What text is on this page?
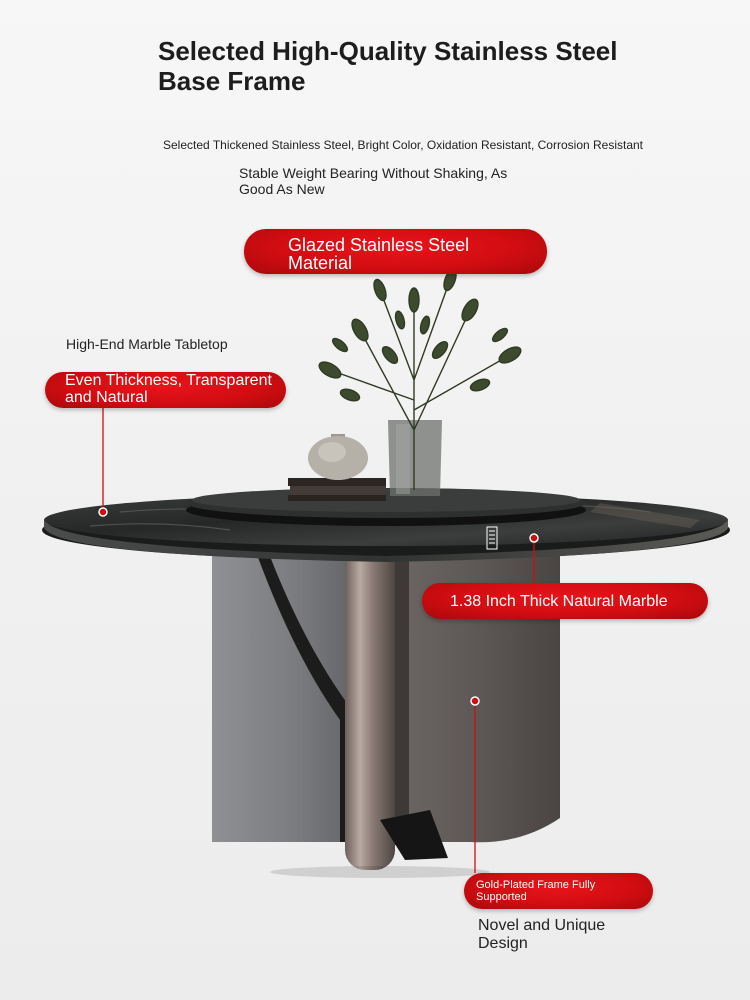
Selected High-Quality Stainless Steel Base Frame
Selected Thickened Stainless Steel, Bright Color, Oxidation Resistant, Corrosion Resistant
Stable Weight Bearing Without Shaking, As Good As New
Glazed Stainless Steel Material
High-End Marble Tabletop
Even Thickness, Transparent and Natural
1.38 Inch Thick Natural Marble
Gold-Plated Frame Fully Supported
Novel and Unique Design
